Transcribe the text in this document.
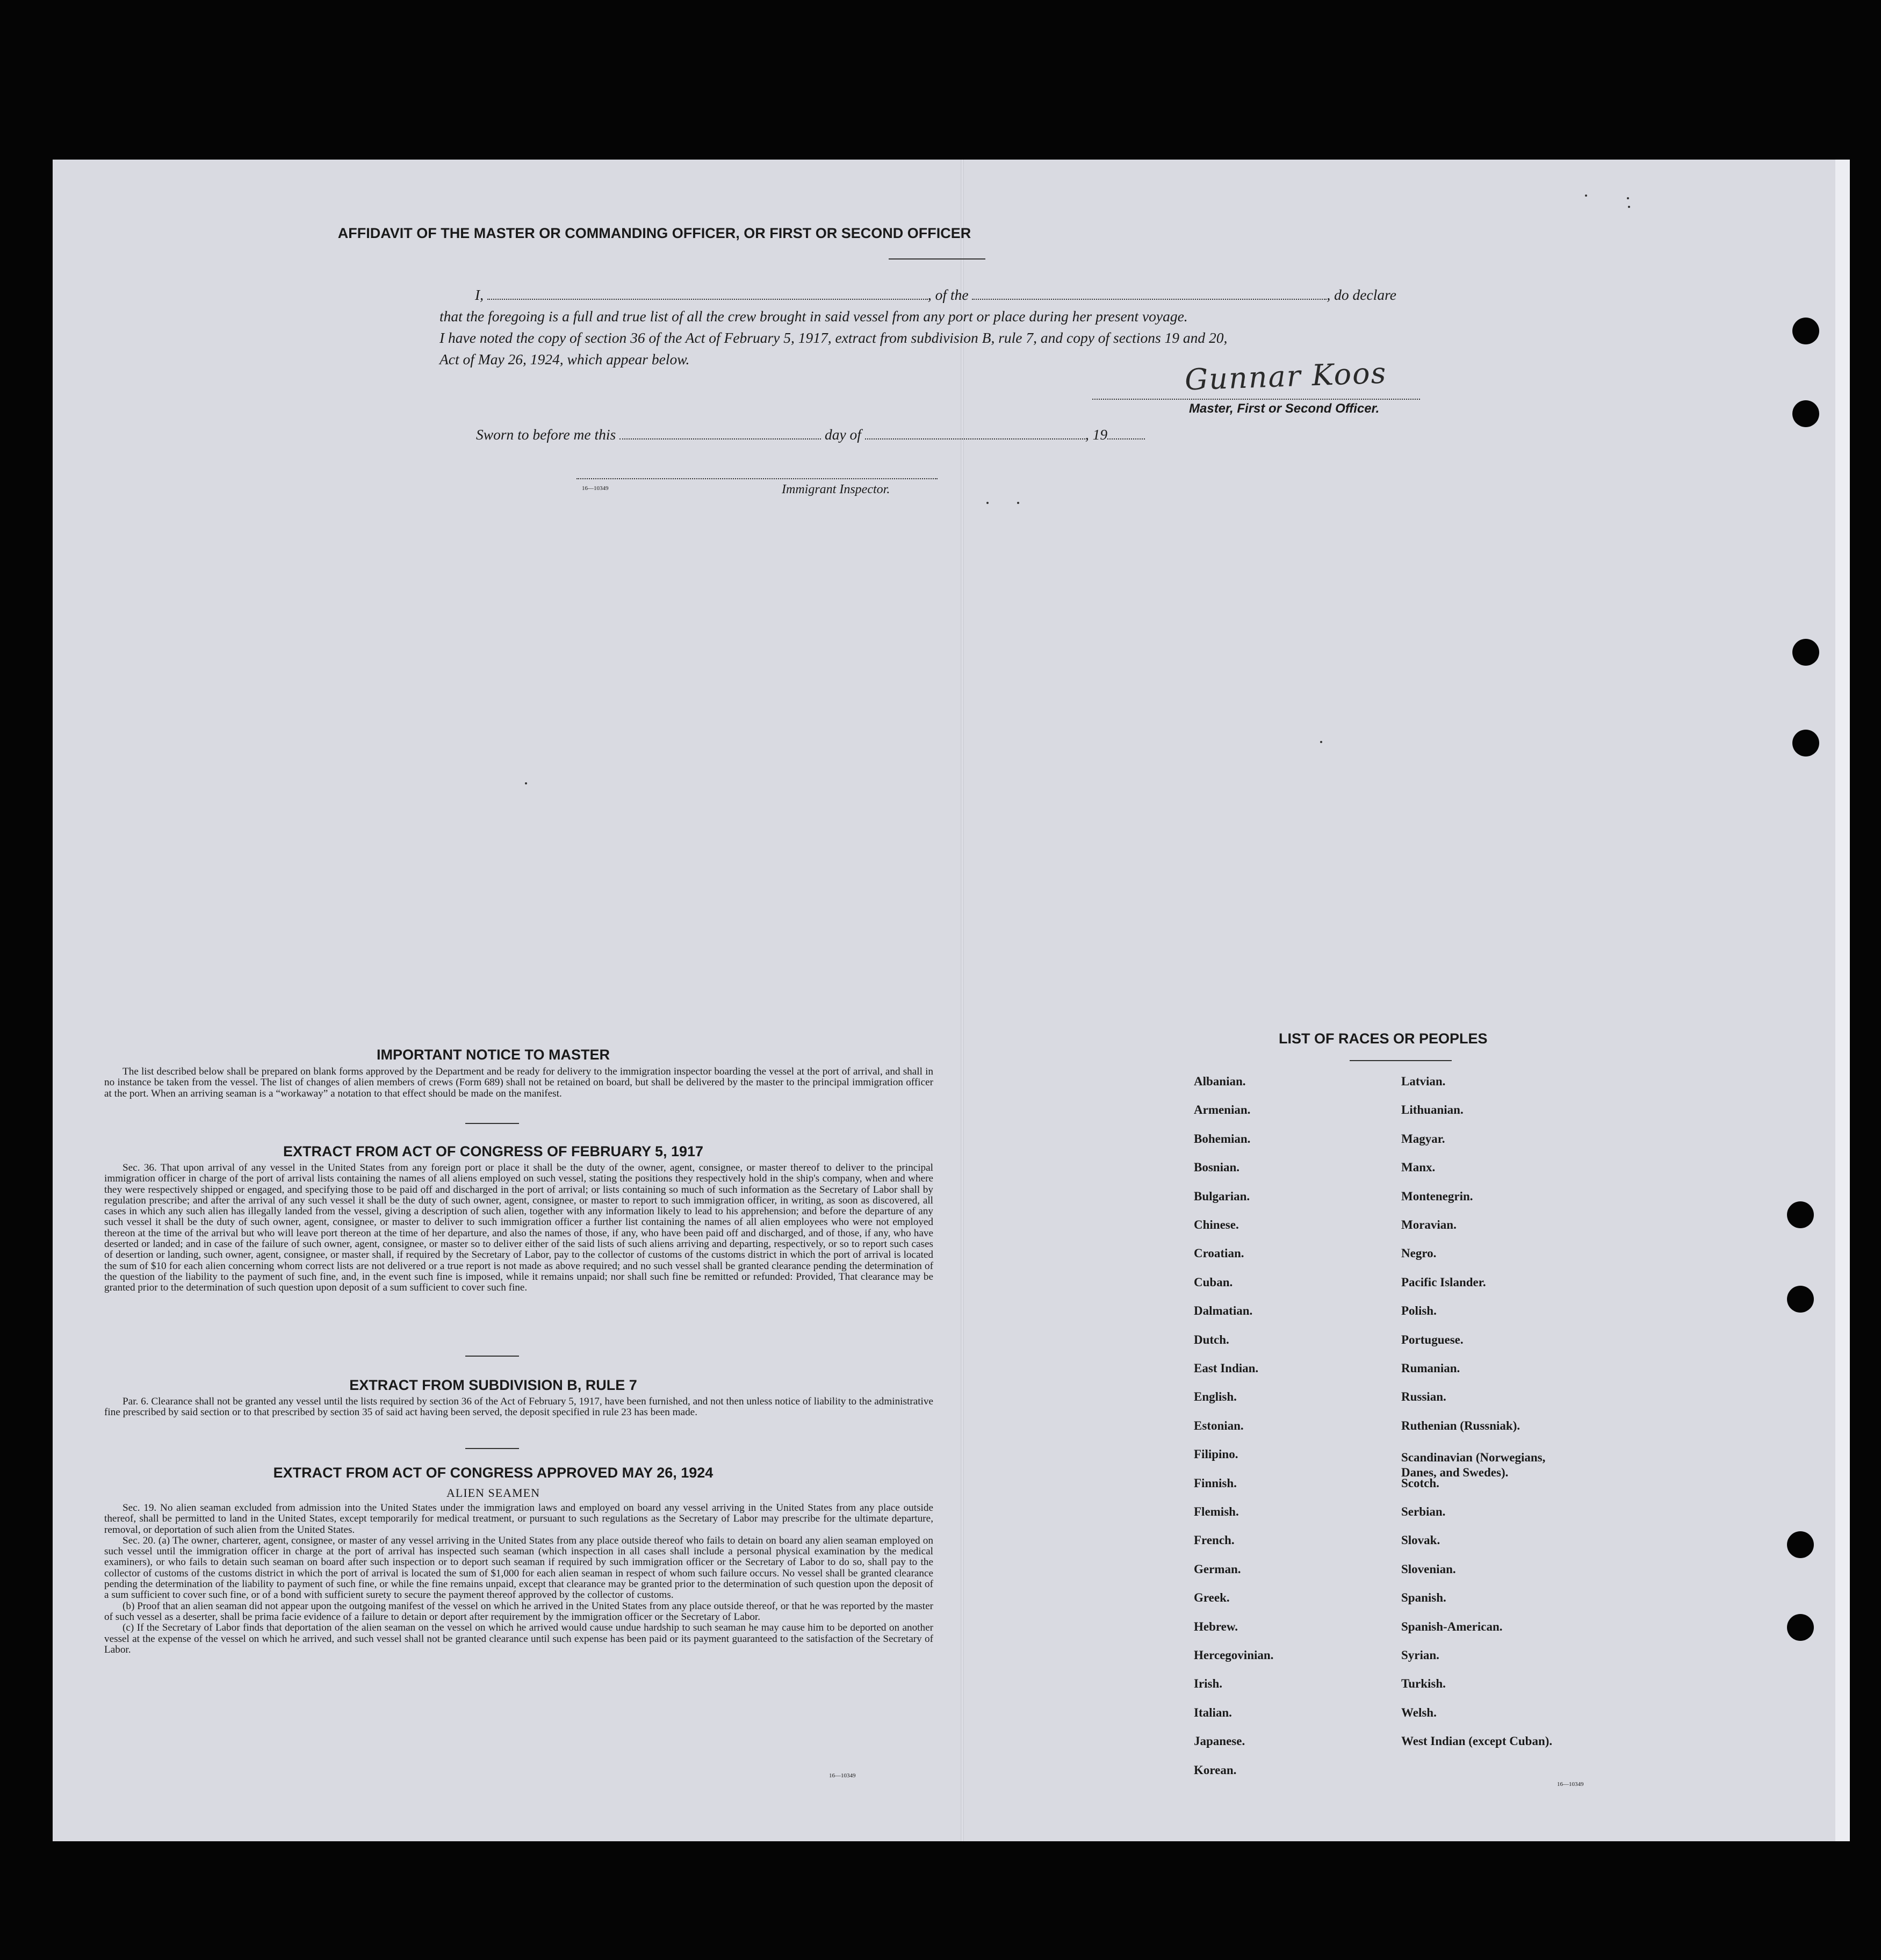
AFFIDAVIT OF THE MASTER OR COMMANDING OFFICER, OR FIRST OR SECOND OFFICER
I,	, of the	, do declare
that the foregoing is a full and true list of all the crew brought in said vessel from any port or place during her present voyage.
I have noted the copy of section 36 of the Act of February 5, 1917, extract from subdivision B, rule 7, and copy of sections 19 and 20,
Act of May 26, 1924, which appear below.	Gunnar Koos
Master, First or Second Officer.
Sworn to before me this	day of	, 19
16—10349	Immigrant Inspector.
IMPORTANT NOTICE TO MASTER

The list described below shall be prepared on blank forms approved by the Department and be ready for delivery to the immigration inspector boarding the vessel at the port of arrival, and shall in no instance be taken from the vessel. The list of changes of alien members of crews (Form 689) shall not be retained on board, but shall be delivered by the master to the principal immigration officer at the port. When an arriving seaman is a “workaway” a notation to that effect should be made on the manifest.

EXTRACT FROM ACT OF CONGRESS OF FEBRUARY 5, 1917

Sec. 36. That upon arrival of any vessel in the United States from any foreign port or place it shall be the duty of the owner, agent, consignee, or master thereof to deliver to the principal immigration officer in charge of the port of arrival lists containing the names of all aliens employed on such vessel, stating the positions they respectively hold in the ship's company, when and where they were respectively shipped or engaged, and specifying those to be paid off and discharged in the port of arrival; or lists containing so much of such information as the Secretary of Labor shall by regulation prescribe; and after the arrival of any such vessel it shall be the duty of such owner, agent, consignee, or master to report to such immigration officer, in writing, as soon as discovered, all cases in which any such alien has illegally landed from the vessel, giving a description of such alien, together with any information likely to lead to his apprehension; and before the departure of any such vessel it shall be the duty of such owner, agent, consignee, or master to deliver to such immigration officer a further list containing the names of all alien employees who were not employed thereon at the time of the arrival but who will leave port thereon at the time of her departure, and also the names of those, if any, who have been paid off and discharged, and of those, if any, who have deserted or landed; and in case of the failure of such owner, agent, consignee, or master so to deliver either of the said lists of such aliens arriving and departing, respectively, or so to report such cases of desertion or landing, such owner, agent, consignee, or master shall, if required by the Secretary of Labor, pay to the collector of customs of the customs district in which the port of arrival is located the sum of $10 for each alien concerning whom correct lists are not delivered or a true report is not made as above required; and no such vessel shall be granted clearance pending the determination of the question of the liability to the payment of such fine, and, in the event such fine is imposed, while it remains unpaid; nor shall such fine be remitted or refunded: Provided, That clearance may be granted prior to the determination of such question upon deposit of a sum sufficient to cover such fine.

EXTRACT FROM SUBDIVISION B, RULE 7

Par. 6. Clearance shall not be granted any vessel until the lists required by section 36 of the Act of February 5, 1917, have been furnished, and not then unless notice of liability to the administrative fine prescribed by said section or to that prescribed by section 35 of said act having been served, the deposit specified in rule 23 has been made.

EXTRACT FROM ACT OF CONGRESS APPROVED MAY 26, 1924
ALIEN SEAMEN

Sec. 19. No alien seaman excluded from admission into the United States under the immigration laws and employed on board any vessel arriving in the United States from any place outside thereof, shall be permitted to land in the United States, except temporarily for medical treatment, or pursuant to such regulations as the Secretary of Labor may prescribe for the ultimate departure, removal, or deportation of such alien from the United States.

Sec. 20. (a) The owner, charterer, agent, consignee, or master of any vessel arriving in the United States from any place outside thereof who fails to detain on board any alien seaman employed on such vessel until the immigration officer in charge at the port of arrival has inspected such seaman (which inspection in all cases shall include a personal physical examination by the medical examiners), or who fails to detain such seaman on board after such inspection or to deport such seaman if required by such immigration officer or the Secretary of Labor to do so, shall pay to the collector of customs of the customs district in which the port of arrival is located the sum of $1,000 for each alien seaman in respect of whom such failure occurs. No vessel shall be granted clearance pending the determination of the liability to payment of such fine, or while the fine remains unpaid, except that clearance may be granted prior to the determination of such question upon the deposit of a sum sufficient to cover such fine, or of a bond with sufficient surety to secure the payment thereof approved by the collector of customs.

(b) Proof that an alien seaman did not appear upon the outgoing manifest of the vessel on which he arrived in the United States from any place outside thereof, or that he was reported by the master of such vessel as a deserter, shall be prima facie evidence of a failure to detain or deport after requirement by the immigration officer or the Secretary of Labor.

(c) If the Secretary of Labor finds that deportation of the alien seaman on the vessel on which he arrived would cause undue hardship to such seaman he may cause him to be deported on another vessel at the expense of the vessel on which he arrived, and such vessel shall not be granted clearance until such expense has been paid or its payment guaranteed to the satisfaction of the Secretary of Labor.

16—10349
LIST OF RACES OR PEOPLES
Albanian.
Armenian.
Bohemian.
Bosnian.
Bulgarian.
Chinese.
Croatian.
Cuban.
Dalmatian.
Dutch.
East Indian.
English.
Estonian.
Filipino.
Finnish.
Flemish.
French.
German.
Greek.
Hebrew.
Hercegovinian.
Irish.
Italian.
Japanese.
Korean.
Latvian.
Lithuanian.
Magyar.
Manx.
Montenegrin.
Moravian.
Negro.
Pacific Islander.
Polish.
Portuguese.
Rumanian.
Russian.
Ruthenian (Russniak).
Scandinavian (Norwegians,
Danes, and Swedes).
Scotch.
Serbian.
Slovak.
Slovenian.
Spanish.
Spanish-American.
Syrian.
Turkish.
Welsh.
West Indian (except Cuban).
16—10349
